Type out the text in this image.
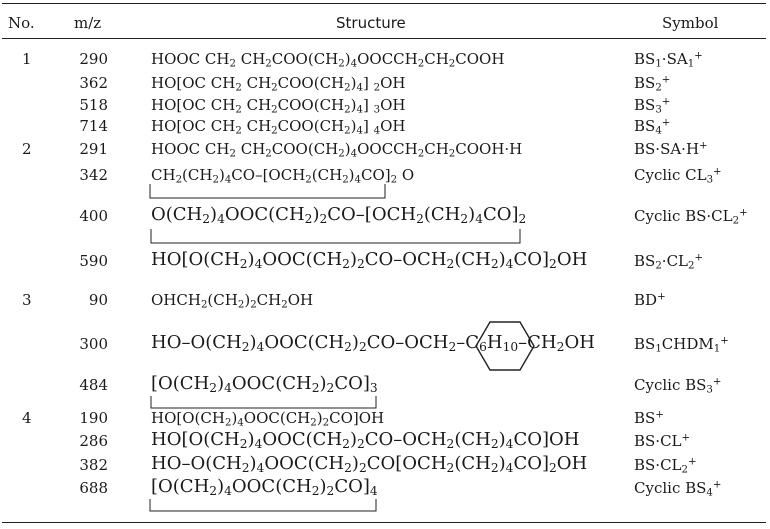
No.	m/z	Structure	Symbol
1	290	HOOC $CH_2$ $CH_2COO(CH_2)_4OOCCH_2CH_2COOH$	$BS_1\cdot SA_1^+$
362	HO[OC $CH_2$ $CH_2COO(CH_2)_4$] $_2$OH	$BS_2^+$
518	HO[OC $CH_2$ $CH_2COO(CH_2)_4$] $_3$OH	$BS_3^+$
714	HO[OC $CH_2$ $CH_2COO(CH_2)_4$] $_4$OH	$BS_4^+$
2	291	HOOC $CH_2$ $CH_2COO(CH_2)_4OOCCH_2CH_2COOH\cdot H$	BS·SA·H+
342	$CH_2(CH_2)_4CO-[OCH_2(CH_2)_4CO]_2$ O	Cyclic $CL_3^+$
400 $O(CH_2)_4OOC(CH_2)_2CO-[OCH_2(CH_2)_4CO]_2$	Cyclic $BS\cdot CL_2^+$
590 $HO[O(CH_2)_4OOC(CH_2)_2CO-OCH_2(CH_2)_4CO]_2OH$	$BS_2\cdot CL_2^+$
3	90	$OHCH_2(CH_2)_2CH_2OH$	BD+
300 $HO-O(CH_2)_4OOC(CH_2)_2CO-OCH_2-C_6H_{10}-CH_2OH$	$BS_1CHDM_1^+$
484 $[O(CH_2)_4OOC(CH_2)_2CO]_3$	Cyclic $BS_3^+$
4	190	$HO[O(CH_2)_4OOC(CH_2)_2CO]OH$	BS+
286 $HO[O(CH_2)_4OOC(CH_2)_2CO-OCH_2(CH_2)_4CO]OH$	BS·CL+
382 $HO-O(CH_2)_4OOC(CH_2)_2CO[OCH_2(CH_2)_4CO]_2OH$	$BS\cdot CL_2^+$
688 $[O(CH_2)_4OOC(CH_2)_2CO]_4$	Cyclic $BS_4^+$
